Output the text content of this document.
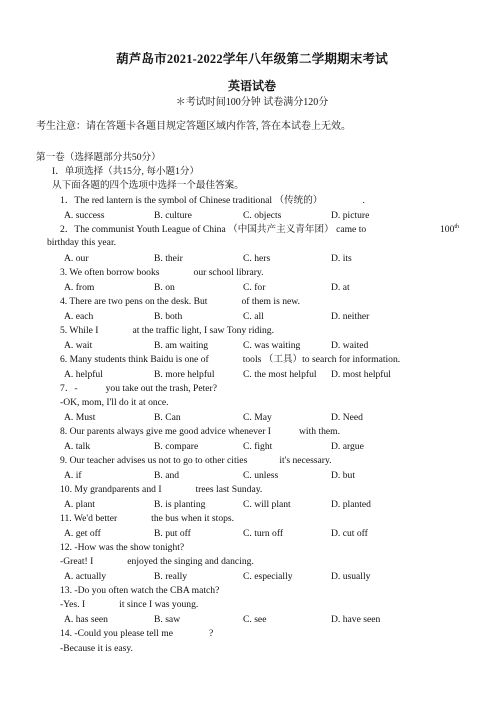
葫芦岛市2021-2022学年八年级第二学期期末考试
英语试卷
＊考试时间100分钟 试卷满分120分
考生注意：请在答题卡各题目规定答题区域内作答, 答在本试卷上无效。
第一卷（选择题部分共50分）
I．单项选择（共15分, 每小题1分）
从下面各题的四个选项中选择一个最佳答案。
1．The red lantern is the symbol of Chinese traditional （传统的）	.
A. success	B. culture	C. objects	D. picture
2．The communist Youth League of China （中国共产主义青年团） came to	100th
birthday this year.
A. our	B. their	C. hers	D. its
3. We often borrow books	our school library.
A. from	B. on	C. for	D. at
4. There are two pens on the desk. But	of them is new.
A. each	B. both	C. all	D. neither
5. While I	at the traffic light, I saw Tony riding.
A. wait	B. am waiting	C. was waiting	D. waited
6. Many students think Baidu is one of	tools （工具）to search for information.
A. helpful	B. more helpful	C. the most helpful D. most helpful
7．-	you take out the trash, Peter?
-OK, mom, I'll do it at once.
A. Must	B. Can	C. May	D. Need
8. Our parents always give me good advice whenever I	with them.
A. talk	B. compare	C. fight	D. argue
9. Our teacher advises us not to go to other cities	it's necessary.
A. if	B. and	C. unless	D. but
10. My grandparents and I	trees last Sunday.
A. plant	B. is planting	C. will plant	D. planted
11. We'd better	the bus when it stops.
A. get off	B. put off	C. turn off	D. cut off
12. -How was the show tonight?
-Great! I	enjoyed the singing and dancing.
A. actually	B. really	C. especially	D. usually
13. -Do you often watch the CBA match?
-Yes. I	it since I was young.
A. has seen	B. saw	C. see	D. have seen
14. -Could you please tell me	?
-Because it is easy.
